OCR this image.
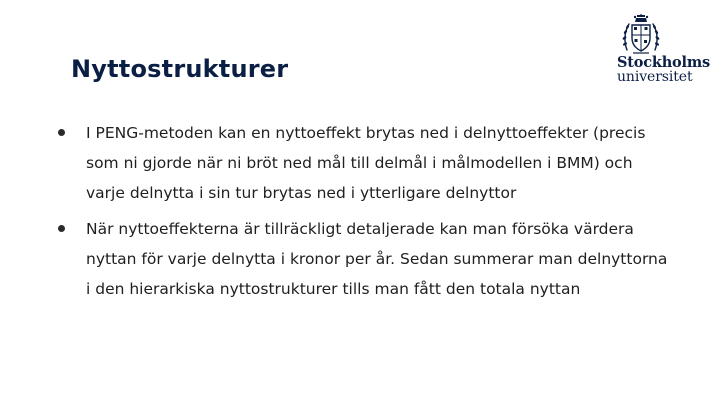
Nyttostrukturer	Stockholms
universitet
I PENG-metoden kan en nyttoeffekt brytas ned i delnyttoeffekter (precis som ni gjorde när ni bröt ned mål till delmål i målmodellen i BMM) och varje delnytta i sin tur brytas ned i ytterligare delnyttor
När nyttoeffekterna är tillräckligt detaljerade kan man försöka värdera nyttan för varje delnytta i kronor per år. Sedan summerar man delnyttorna i den hierarkiska nyttostrukturer tills man fått den totala nyttan
